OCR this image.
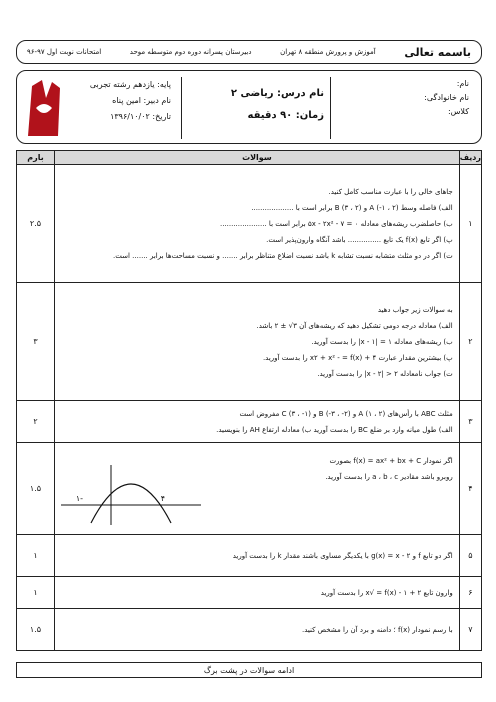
باسمه تعالی
آموزش و پرورش منطقه ۸ تهران
دبیرستان پسرانه دوره دوم متوسطه موحد
امتحانات نوبت اول ۹۷-۹۶
نام:
نام خانوادگی:
کلاس:
نام درس: ریاضی ۲
زمان: ۹۰ دقیقه
پایه: یازدهم رشته تجربی
نام دبیر: امین پناه
تاریخ: ۱۳۹۶/۱۰/۰۲
ردیف	سوالات	بارم
۱	جاهای خالی را با عبارت مناسب کامل کنید.
الف) فاصله وسط (۲ ، ۱-) A و (۲ ، ۳) B برابر است با ...................
ب) حاصلضرب ریشه‌های معادله ۰ = ۷ - ۵x - ۲x² برابر است با .....................
پ) اگر تابع f(x) یک تابع ............... باشد آنگاه وارون‌پذیر است.
ت) اگر در دو مثلث متشابه نسبت تشابه k باشد نسبت اضلاع متناظر برابر ....... و نسبت مساحت‌ها برابر ....... است.	۲.۵
۲	به سوالات زیر جواب دهید
الف) معادله درجه دومی تشکیل دهید که ریشه‌های آن ۳√ ± ۲ باشد.
ب) ریشه‌های معادله ۱ = |x - ۱| را بدست آورید.
پ) بیشترین مقدار عبارت ۴ + x۲ + x² - = f(x) را بدست آورید.
ت) جواب نامعادله ۲ < |۲ - x| را بدست آورید.	۳
۳	مثلث ABC با رأس‌های (۲ ، ۱) A و (۲- ، ۳-) B و (۱- ، ۳) C مفروض است
الف) طول میانه وارد بر ضلع BC را بدست آورید ب) معادله ارتفاع AH را بنویسید.	۲
۴	اگر نمودار f(x) = ax² + bx + C بصورت
روبرو باشد مقادیر a ، b ، c را بدست آورید.
-۱ ۴	۱.۵
۵	اگر دو تابع f و g(x) = x - ۲ با یکدیگر مساوی باشند مقدار k را بدست آورید	۱
۶	وارون تابع ۲ + ۱ - x√ = f(x) را بدست آورید	۱
۷	با رسم نمودار f(x) ؛ دامنه و برد آن را مشخص کنید.	۱.۵
ادامه سوالات در پشت برگ
